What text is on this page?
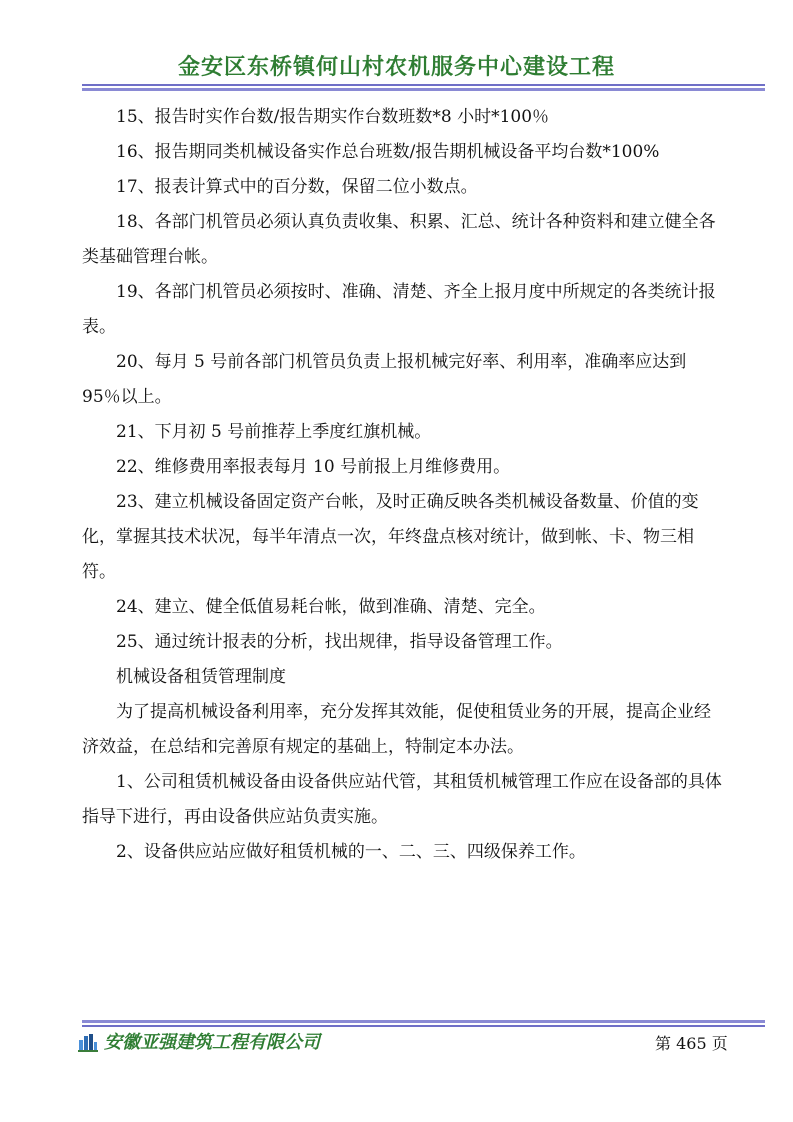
金安区东桥镇何山村农机服务中心建设工程

15、报告时实作台数/报告期实作台数班数*8 小时*100％

16、报告期同类机械设备实作总台班数/报告期机械设备平均台数*100%

17、报表计算式中的百分数，保留二位小数点。

18、各部门机管员必须认真负责收集、积累、汇总、统计各种资料和建立健全各类基础管理台帐。

19、各部门机管员必须按时、准确、清楚、齐全上报月度中所规定的各类统计报表。

20、每月 5 号前各部门机管员负责上报机械完好率、利用率，准确率应达到 95％以上。

21、下月初 5 号前推荐上季度红旗机械。

22、维修费用率报表每月 10 号前报上月维修费用。

23、建立机械设备固定资产台帐，及时正确反映各类机械设备数量、价值的变化，掌握其技术状况，每半年清点一次，年终盘点核对统计，做到帐、卡、物三相符。

24、建立、健全低值易耗台帐，做到准确、清楚、完全。

25、通过统计报表的分析，找出规律，指导设备管理工作。

机械设备租赁管理制度

为了提高机械设备利用率，充分发挥其效能，促使租赁业务的开展，提高企业经济效益，在总结和完善原有规定的基础上，特制定本办法。

1、公司租赁机械设备由设备供应站代管，其租赁机械管理工作应在设备部的具体指导下进行，再由设备供应站负责实施。

2、设备供应站应做好租赁机械的一、二、三、四级保养工作。

安徽亚强建筑工程有限公司	第 465 页
